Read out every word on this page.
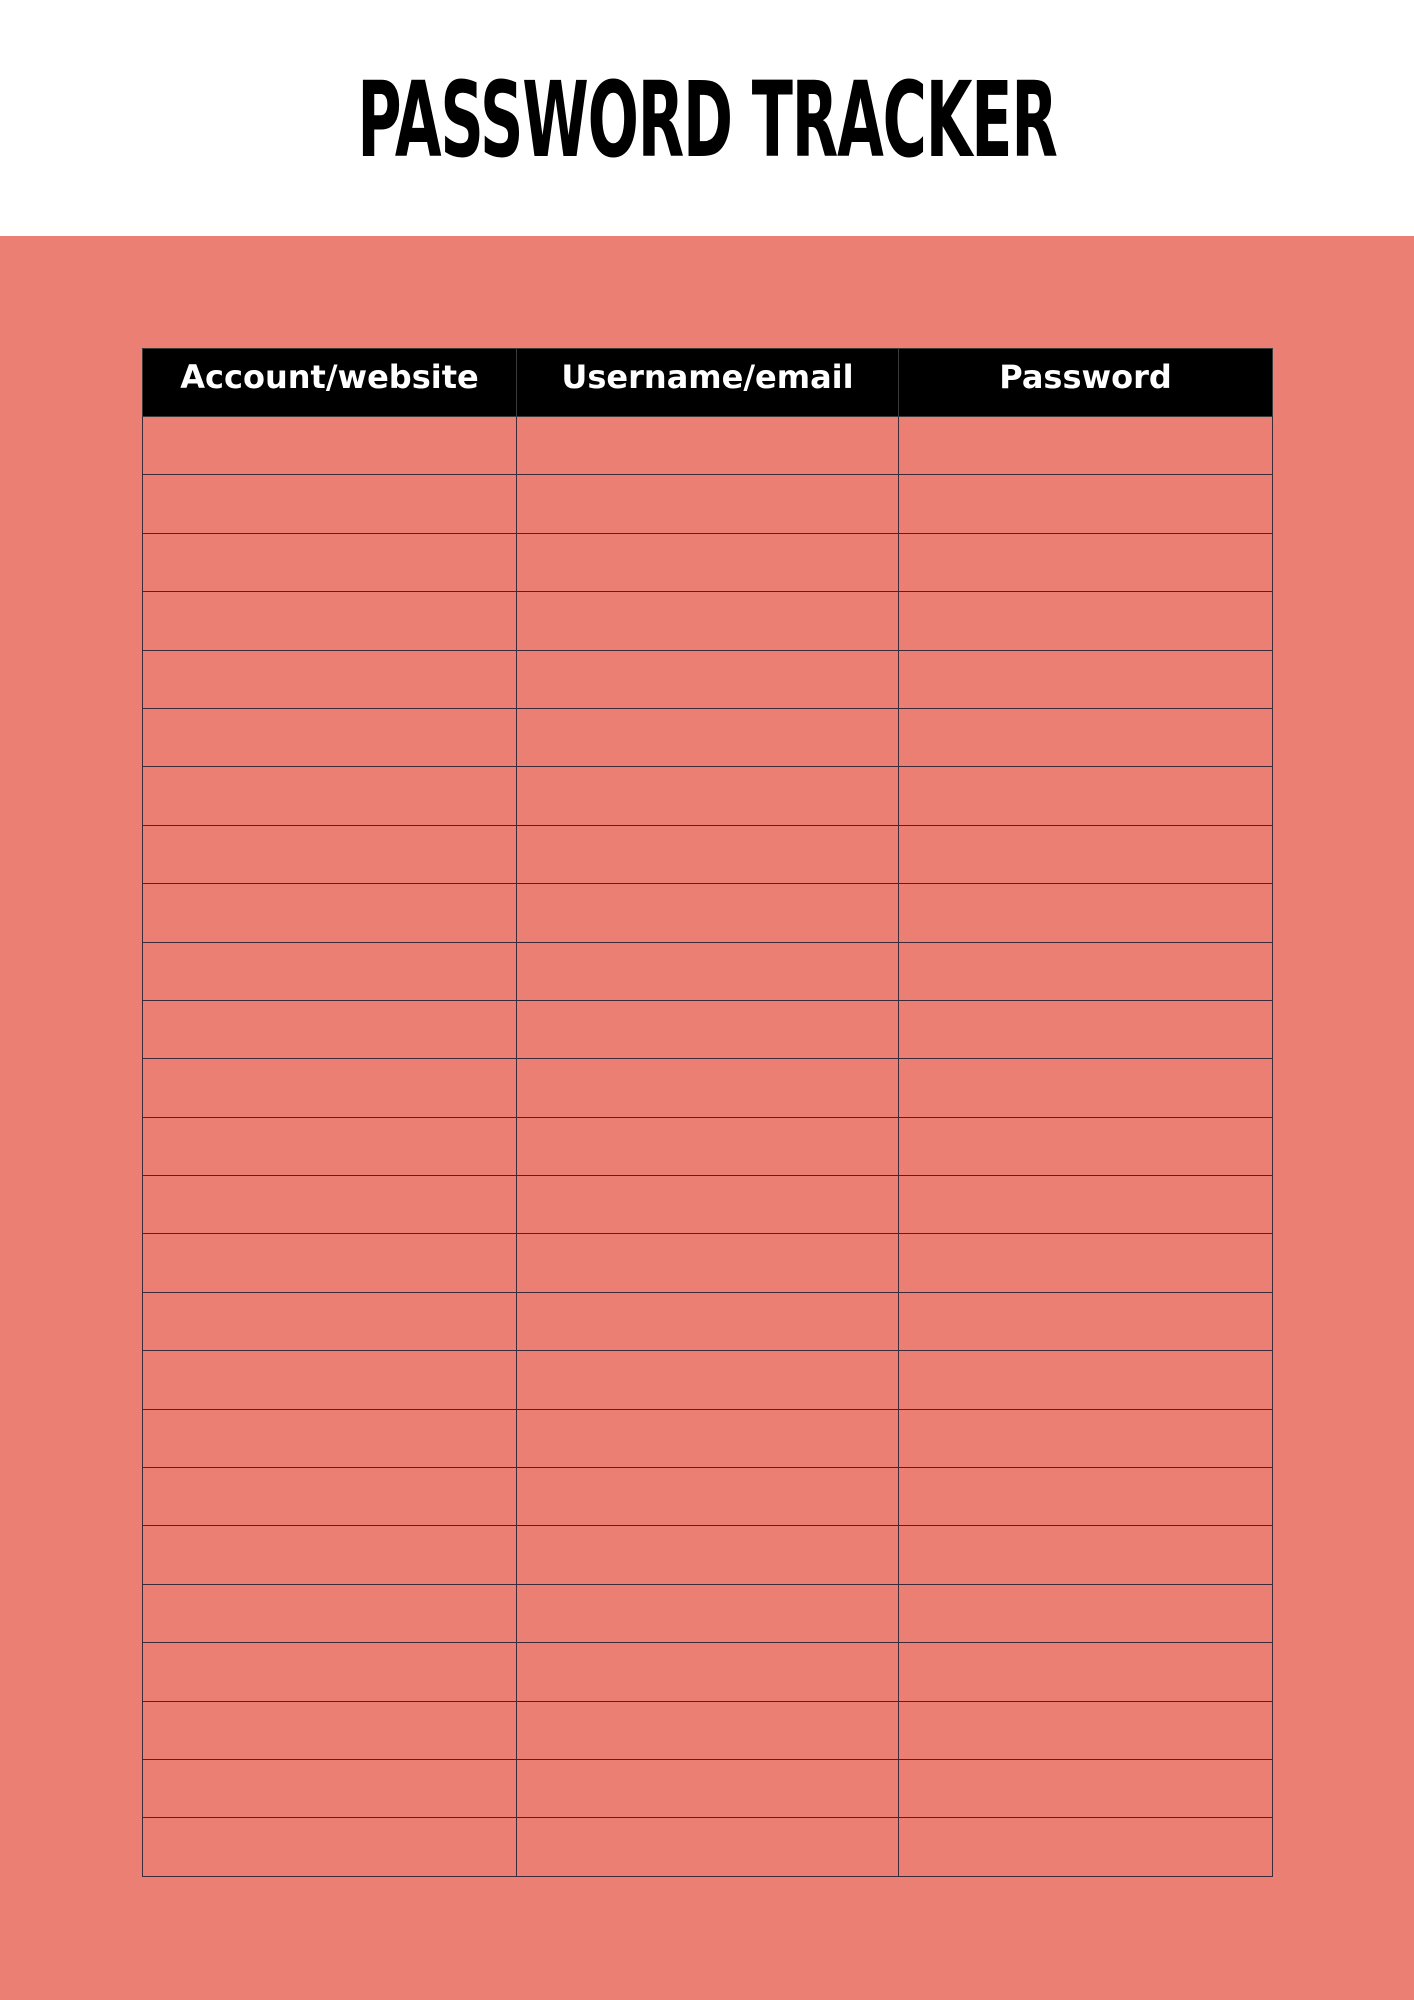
PASSWORD TRACKER
Account/website	Username/email	Password
